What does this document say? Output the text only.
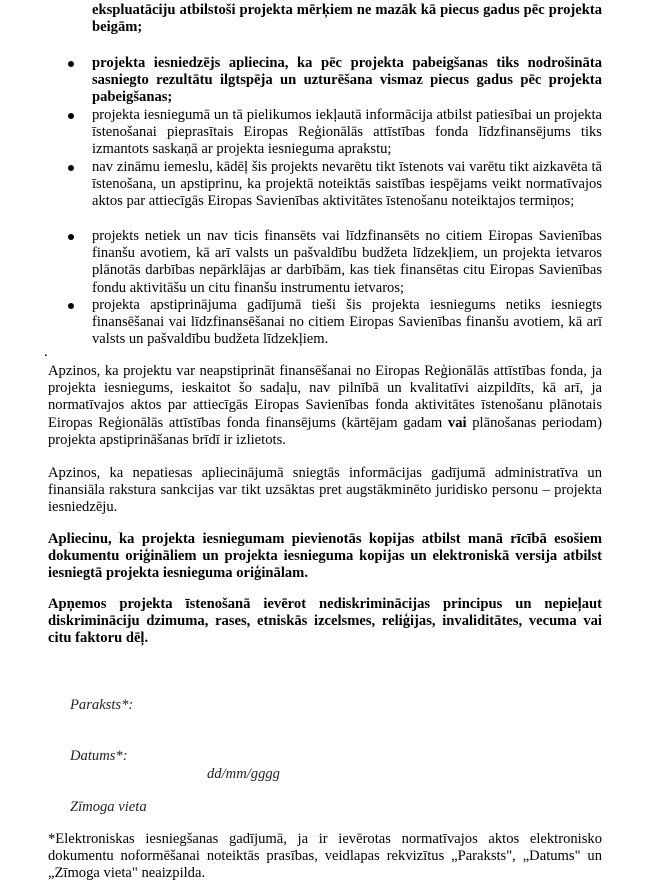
ekspluatāciju atbilstoši projekta mērķiem ne mazāk kā piecus gadus pēc projekta beigām;
projekta iesniedzējs apliecina, ka pēc projekta pabeigšanas tiks nodrošināta sasniegto rezultātu ilgtspēja un uzturēšana vismaz piecus gadus pēc projekta pabeigšanas;
projekta iesniegumā un tā pielikumos iekļautā informācija atbilst patiesībai un projekta īstenošanai pieprasītais Eiropas Reģionālās attīstības fonda līdzfinansējums tiks izmantots saskaņā ar projekta iesnieguma aprakstu;
nav zināmu iemeslu, kādēļ šis projekts nevarētu tikt īstenots vai varētu tikt aizkavēta tā īstenošana, un apstiprinu, ka projektā noteiktās saistības iespējams veikt normatīvajos aktos par attiecīgās Eiropas Savienības aktivitātes īstenošanu noteiktajos termiņos;
projekts netiek un nav ticis finansēts vai līdzfinansēts no citiem Eiropas Savienības finanšu avotiem, kā arī valsts un pašvaldību budžeta līdzekļiem, un projekta ietvaros plānotās darbības nepārklājas ar darbībām, kas tiek finansētas citu Eiropas Savienības fondu aktivitāšu un citu finanšu instrumentu ietvaros;
projekta apstiprinājuma gadījumā tieši šis projekta iesniegums netiks iesniegts finansēšanai vai līdzfinansēšanai no citiem Eiropas Savienības finanšu avotiem, kā arī valsts un pašvaldību budžeta līdzekļiem.
.
Apzinos, ka projektu var neapstiprināt finansēšanai no Eiropas Reģionālās attīstības fonda, ja projekta iesniegums, ieskaitot šo sadaļu, nav pilnībā un kvalitatīvi aizpildīts, kā arī, ja normatīvajos aktos par attiecīgās Eiropas Savienības fonda aktivitātes īstenošanu plānotais Eiropas Reģionālās attīstības fonda finansējums (kārtējam gadam vai plānošanas periodam) projekta apstiprināšanas brīdī ir izlietots.
Apzinos, ka nepatiesas apliecinājumā sniegtās informācijas gadījumā administratīva un finansiāla rakstura sankcijas var tikt uzsāktas pret augstākminēto juridisko personu – projekta iesniedzēju.
Apliecinu, ka projekta iesniegumam pievienotās kopijas atbilst manā rīcībā esošiem dokumentu oriģināliem un projekta iesnieguma kopijas un elektroniskā versija atbilst iesniegtā projekta iesnieguma oriģinālam.
Apņemos projekta īstenošanā ievērot nediskriminācijas principus un nepieļaut diskrimināciju dzimuma, rases, etniskās izcelsmes, reliģijas, invaliditātes, vecuma vai citu faktoru dēļ.
Paraksts*:
Datums*:
dd/mm/gggg
Zīmoga vieta
*Elektroniskas iesniegšanas gadījumā, ja ir ievērotas normatīvajos aktos elektronisko dokumentu noformēšanai noteiktās prasības, veidlapas rekvizītus „Paraksts", „Datums" un „Zīmoga vieta" neaizpilda.
